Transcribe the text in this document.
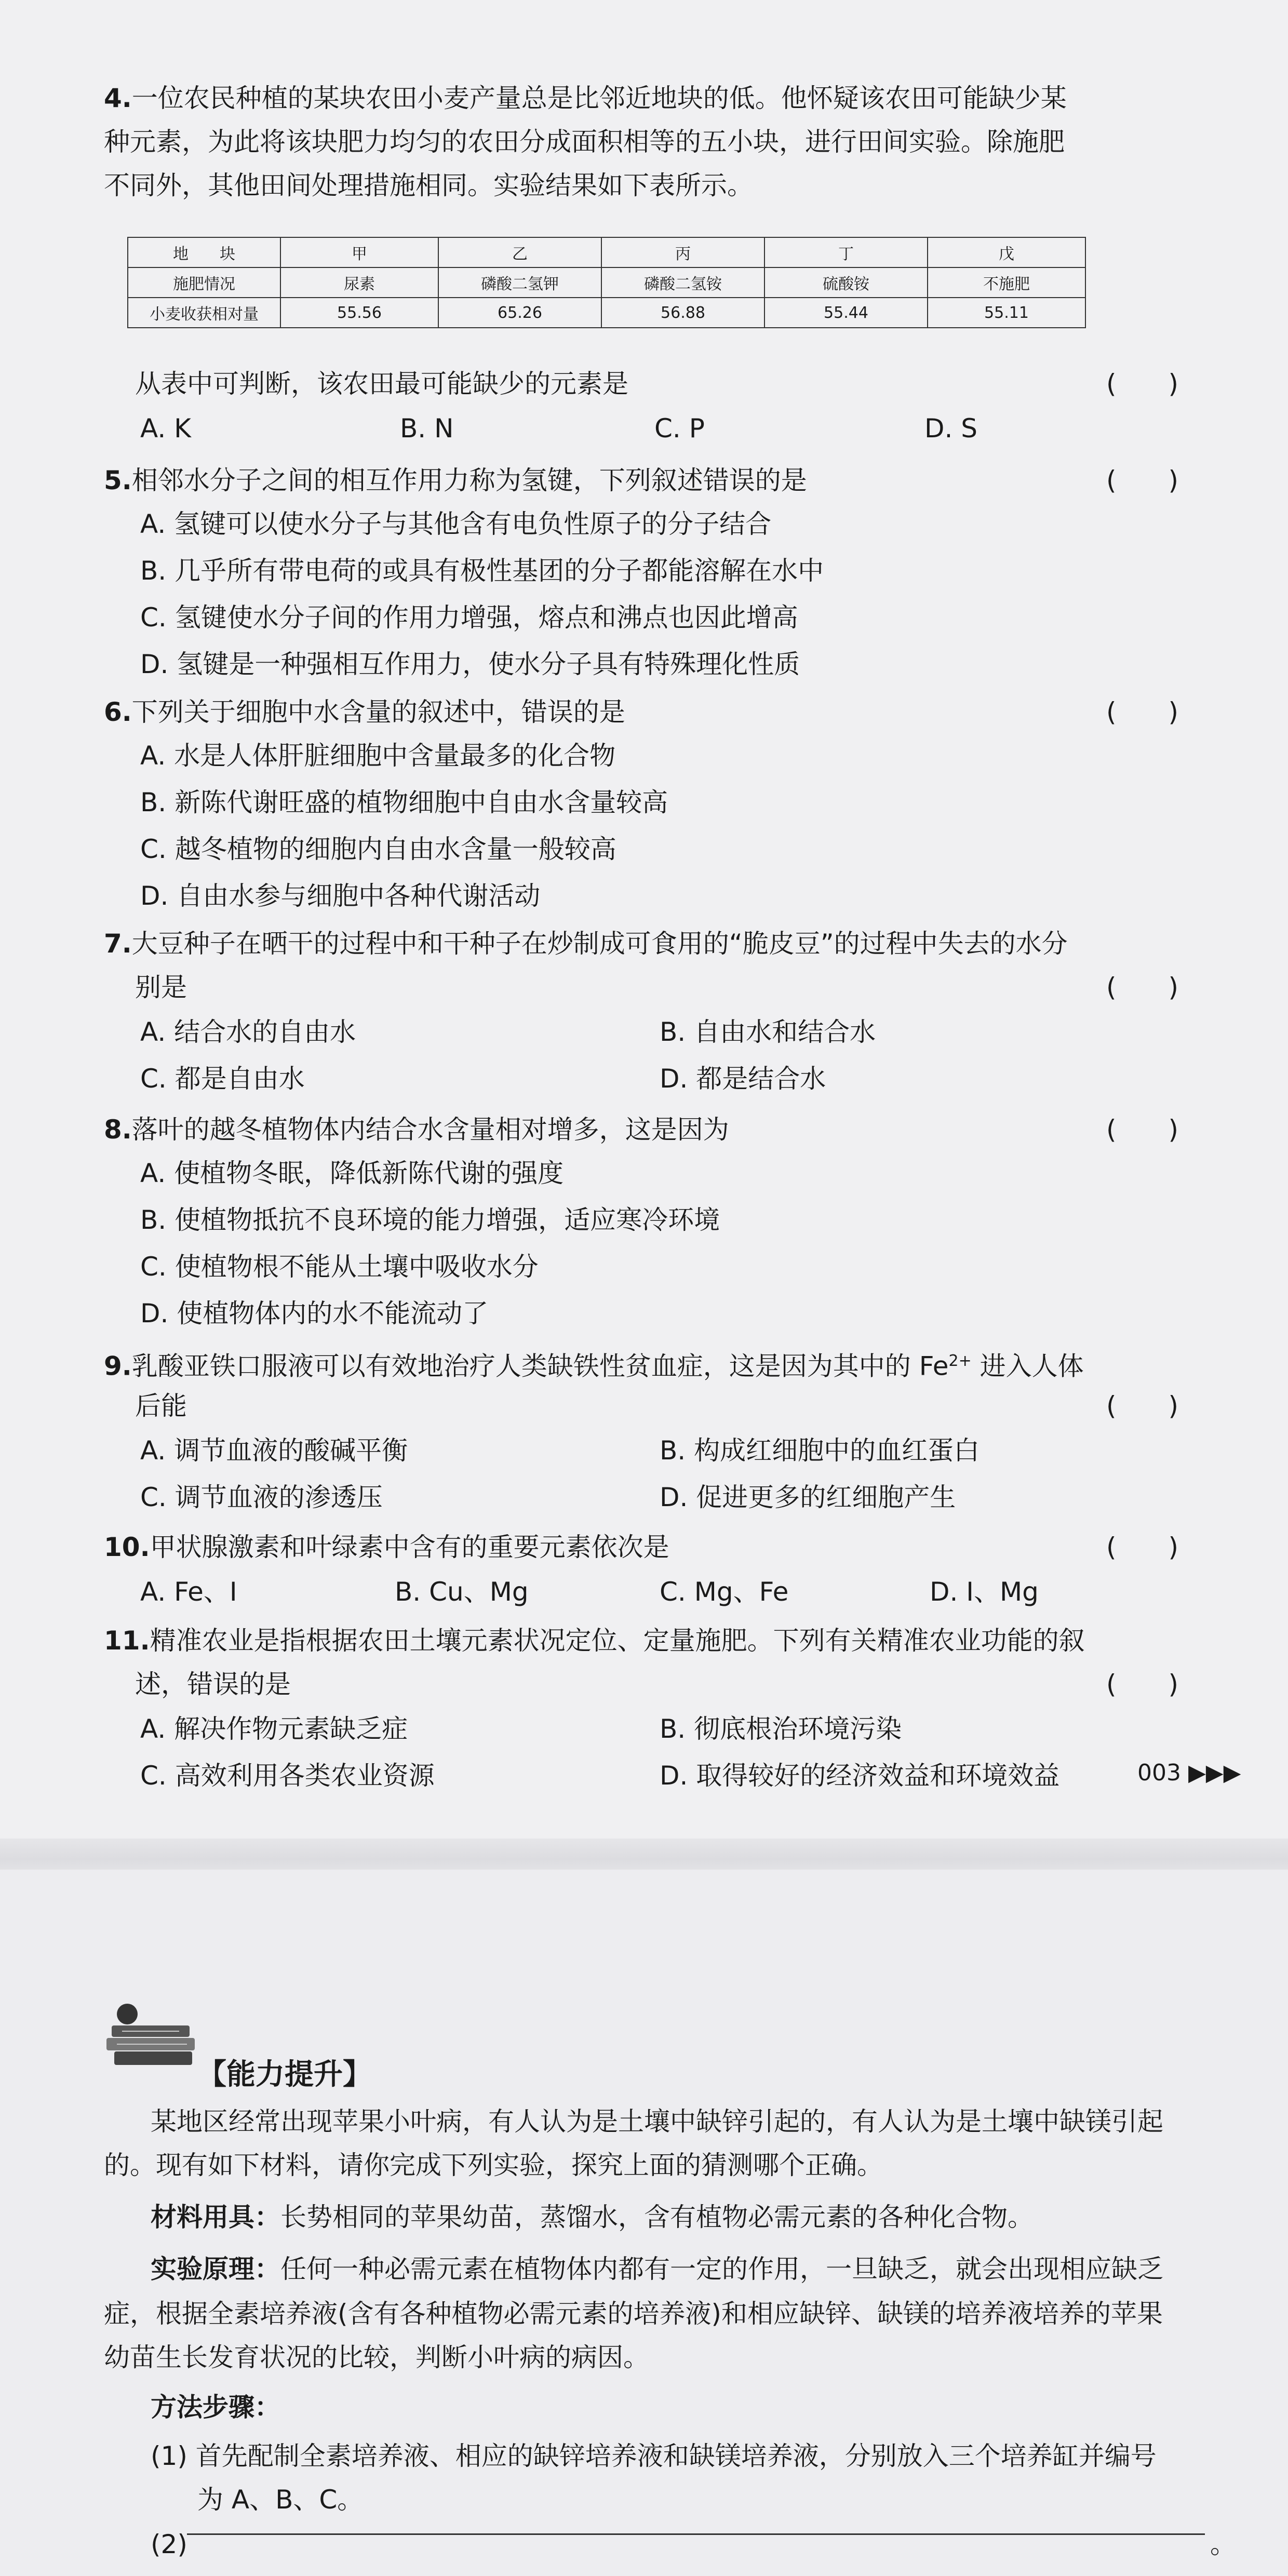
4.一位农民种植的某块农田小麦产量总是比邻近地块的低。他怀疑该农田可能缺少某
种元素，为此将该块肥力均匀的农田分成面积相等的五小块，进行田间实验。除施肥
不同外，其他田间处理措施相同。实验结果如下表所示。
地　　块	甲	乙	丙	丁	戊
施肥情况	尿素	磷酸二氢钾	磷酸二氢铵	硫酸铵	不施肥
小麦收获相对量	55.56	65.26	56.88	55.44	55.11
从表中可判断，该农田最可能缺少的元素是	(　　)
A. K	B. N	C. P	D. S
5.相邻水分子之间的相互作用力称为氢键，下列叙述错误的是	(　　)
A. 氢键可以使水分子与其他含有电负性原子的分子结合
B. 几乎所有带电荷的或具有极性基团的分子都能溶解在水中
C. 氢键使水分子间的作用力增强，熔点和沸点也因此增高
D. 氢键是一种强相互作用力，使水分子具有特殊理化性质
6.下列关于细胞中水含量的叙述中，错误的是	(　　)
A. 水是人体肝脏细胞中含量最多的化合物
B. 新陈代谢旺盛的植物细胞中自由水含量较高
C. 越冬植物的细胞内自由水含量一般较高
D. 自由水参与细胞中各种代谢活动
7.大豆种子在晒干的过程中和干种子在炒制成可食用的“脆皮豆”的过程中失去的水分
别是	(　　)
A. 结合水的自由水	B. 自由水和结合水
C. 都是自由水	D. 都是结合水
8.落叶的越冬植物体内结合水含量相对增多，这是因为	(　　)
A. 使植物冬眠，降低新陈代谢的强度
B. 使植物抵抗不良环境的能力增强，适应寒冷环境
C. 使植物根不能从土壤中吸收水分
D. 使植物体内的水不能流动了
9.乳酸亚铁口服液可以有效地治疗人类缺铁性贫血症，这是因为其中的 $Fe^{2+}$ 进入人体
后能	(　　)
A. 调节血液的酸碱平衡	B. 构成红细胞中的血红蛋白
C. 调节血液的渗透压	D. 促进更多的红细胞产生
10.甲状腺激素和叶绿素中含有的重要元素依次是	(　　)
A. Fe、I	B. Cu、Mg	C. Mg、Fe	D. I、Mg
11.精准农业是指根据农田土壤元素状况定位、定量施肥。下列有关精准农业功能的叙
述，错误的是	(　　)
A. 解决作物元素缺乏症	B. 彻底根治环境污染
C. 高效利用各类农业资源	D. 取得较好的经济效益和环境效益	003 ▶▶▶
【能力提升】
某地区经常出现苹果小叶病，有人认为是土壤中缺锌引起的，有人认为是土壤中缺镁引起
的。现有如下材料，请你完成下列实验，探究上面的猜测哪个正确。
材料用具：长势相同的苹果幼苗，蒸馏水，含有植物必需元素的各种化合物。
实验原理：任何一种必需元素在植物体内都有一定的作用，一旦缺乏，就会出现相应缺乏
症，根据全素培养液(含有各种植物必需元素的培养液)和相应缺锌、缺镁的培养液培养的苹果
幼苗生长发育状况的比较，判断小叶病的病因。
方法步骤：
(1) 首先配制全素培养液、相应的缺锌培养液和缺镁培养液，分别放入三个培养缸并编号
为 A、B、C。
(2)	。
